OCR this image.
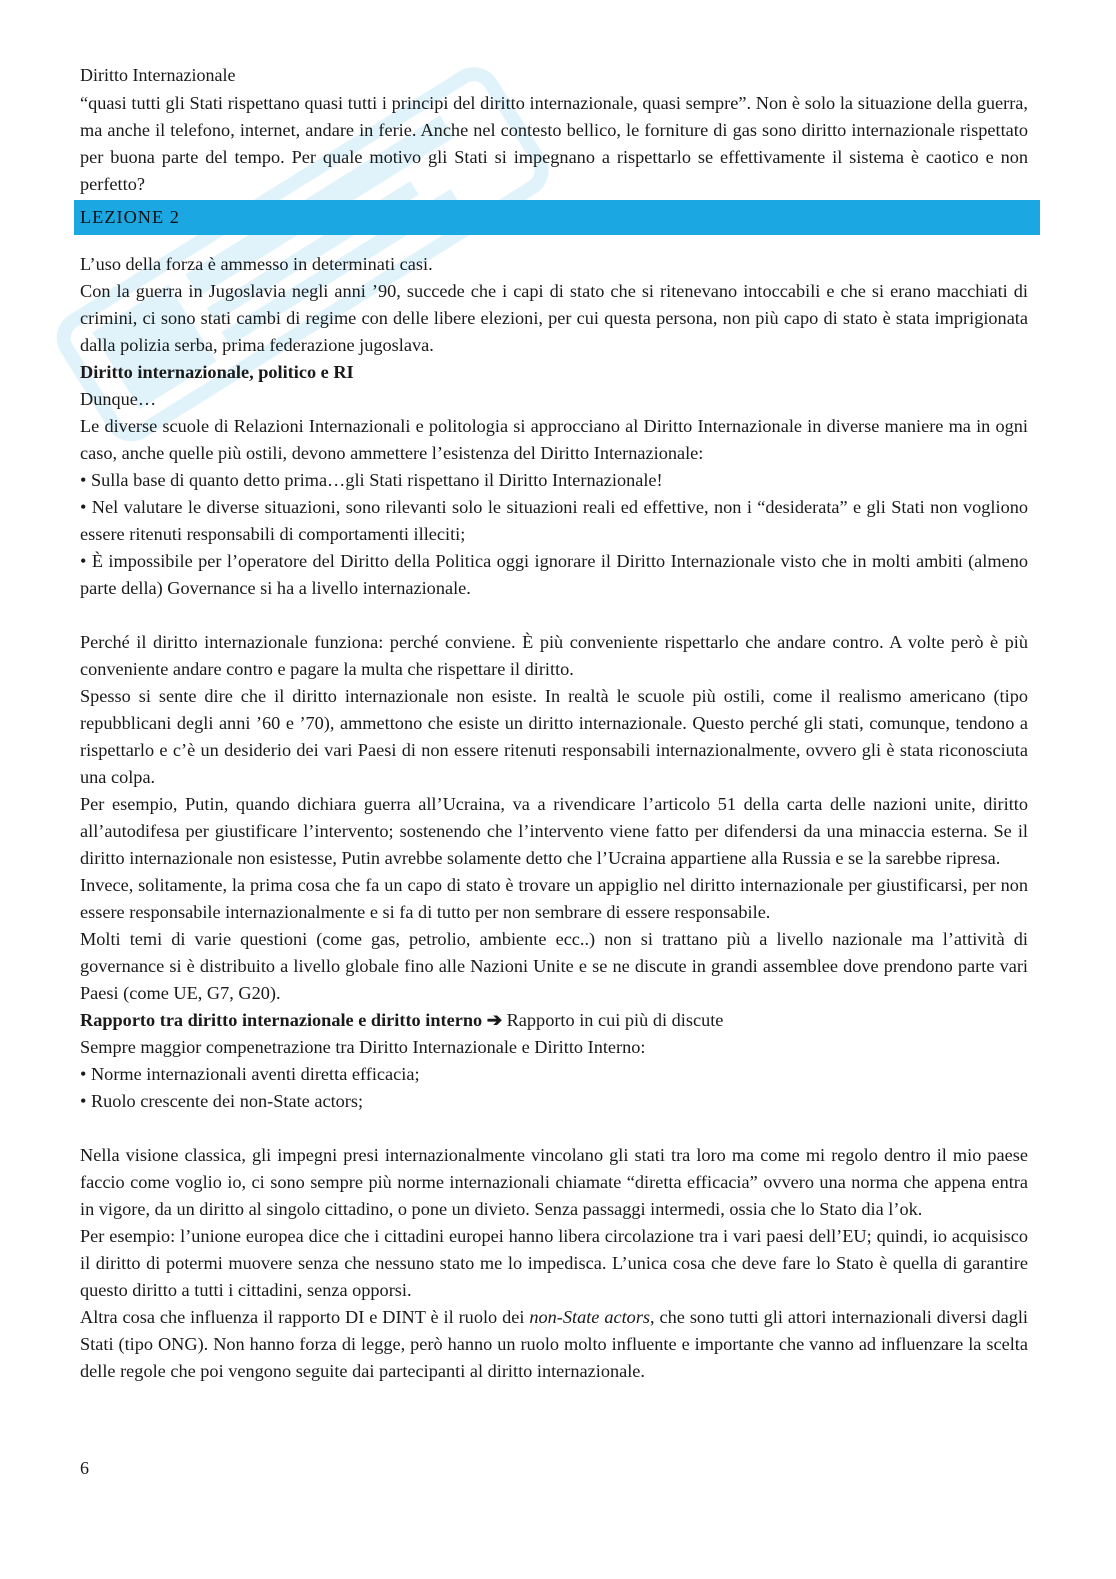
Diritto Internazionale

“quasi tutti gli Stati rispettano quasi tutti i principi del diritto internazionale, quasi sempre”. Non è solo la situazione della guerra, ma anche il telefono, internet, andare in ferie. Anche nel contesto bellico, le forniture di gas sono diritto internazionale rispettato per buona parte del tempo. Per quale motivo gli Stati si impegnano a rispettarlo se effettivamente il sistema è caotico e non perfetto?

LEZIONE 2

L’uso della forza è ammesso in determinati casi.

Con la guerra in Jugoslavia negli anni ’90, succede che i capi di stato che si ritenevano intoccabili e che si erano macchiati di crimini, ci sono stati cambi di regime con delle libere elezioni, per cui questa persona, non più capo di stato è stata imprigionata dalla polizia serba, prima federazione jugoslava.

Diritto internazionale, politico e RI

Dunque…

Le diverse scuole di Relazioni Internazionali e politologia si approcciano al Diritto Internazionale in diverse maniere ma in ogni caso, anche quelle più ostili, devono ammettere l’esistenza del Diritto Internazionale:

• Sulla base di quanto detto prima…gli Stati rispettano il Diritto Internazionale!

• Nel valutare le diverse situazioni, sono rilevanti solo le situazioni reali ed effettive, non i “desiderata” e gli Stati non vogliono essere ritenuti responsabili di comportamenti illeciti;

• È impossibile per l’operatore del Diritto della Politica oggi ignorare il Diritto Internazionale visto che in molti ambiti (almeno parte della) Governance si ha a livello internazionale.

Perché il diritto internazionale funziona: perché conviene. È più conveniente rispettarlo che andare contro. A volte però è più conveniente andare contro e pagare la multa che rispettare il diritto.

Spesso si sente dire che il diritto internazionale non esiste. In realtà le scuole più ostili, come il realismo americano (tipo repubblicani degli anni ’60 e ’70), ammettono che esiste un diritto internazionale. Questo perché gli stati, comunque, tendono a rispettarlo e c’è un desiderio dei vari Paesi di non essere ritenuti responsabili internazionalmente, ovvero gli è stata riconosciuta una colpa.

Per esempio, Putin, quando dichiara guerra all’Ucraina, va a rivendicare l’articolo 51 della carta delle nazioni unite, diritto all’autodifesa per giustificare l’intervento; sostenendo che l’intervento viene fatto per difendersi da una minaccia esterna. Se il diritto internazionale non esistesse, Putin avrebbe solamente detto che l’Ucraina appartiene alla Russia e se la sarebbe ripresa.

Invece, solitamente, la prima cosa che fa un capo di stato è trovare un appiglio nel diritto internazionale per giustificarsi, per non essere responsabile internazionalmente e si fa di tutto per non sembrare di essere responsabile.

Molti temi di varie questioni (come gas, petrolio, ambiente ecc..) non si trattano più a livello nazionale ma l’attività di governance si è distribuito a livello globale fino alle Nazioni Unite e se ne discute in grandi assemblee dove prendono parte vari Paesi (come UE, G7, G20).

Rapporto tra diritto internazionale e diritto interno ➔ Rapporto in cui più di discute

Sempre maggior compenetrazione tra Diritto Internazionale e Diritto Interno:

• Norme internazionali aventi diretta efficacia;

• Ruolo crescente dei non-State actors;

Nella visione classica, gli impegni presi internazionalmente vincolano gli stati tra loro ma come mi regolo dentro il mio paese faccio come voglio io, ci sono sempre più norme internazionali chiamate “diretta efficacia” ovvero una norma che appena entra in vigore, da un diritto al singolo cittadino, o pone un divieto. Senza passaggi intermedi, ossia che lo Stato dia l’ok.

Per esempio: l’unione europea dice che i cittadini europei hanno libera circolazione tra i vari paesi dell’EU; quindi, io acquisisco il diritto di potermi muovere senza che nessuno stato me lo impedisca. L’unica cosa che deve fare lo Stato è quella di garantire questo diritto a tutti i cittadini, senza opporsi.

Altra cosa che influenza il rapporto DI e DINT è il ruolo dei non-State actors, che sono tutti gli attori internazionali diversi dagli Stati (tipo ONG). Non hanno forza di legge, però hanno un ruolo molto influente e importante che vanno ad influenzare la scelta delle regole che poi vengono seguite dai partecipanti al diritto internazionale.

6
